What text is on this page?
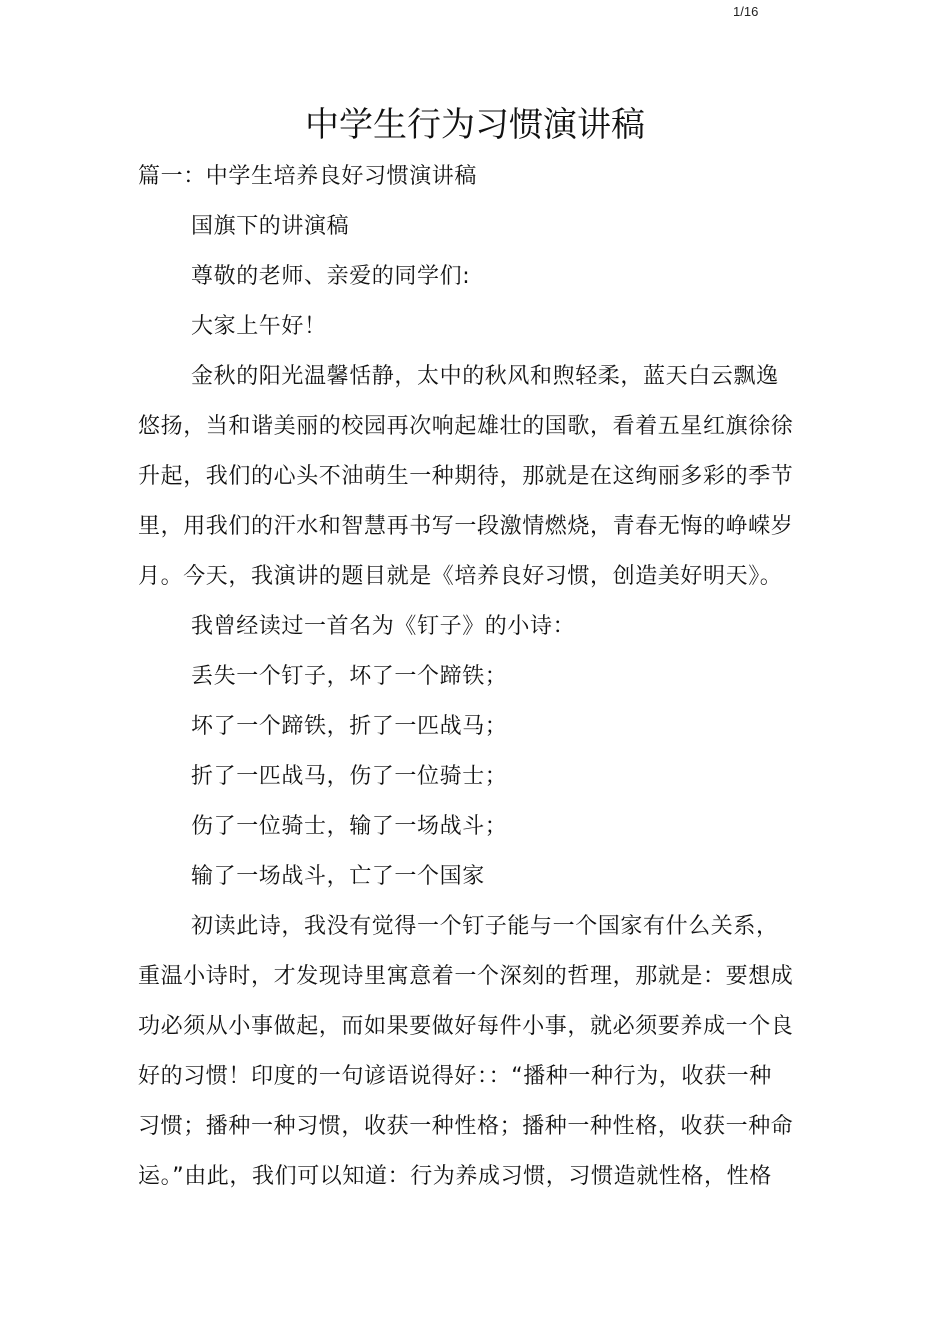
1/16
中学生行为习惯演讲稿
篇一：中学生培养良好习惯演讲稿
国旗下的讲演稿
尊敬的老师、亲爱的同学们:
大家上午好！
金秋的阳光温馨恬静，太中的秋风和煦轻柔，蓝天白云飘逸
悠扬，当和谐美丽的校园再次响起雄壮的国歌，看着五星红旗徐徐
升起，我们的心头不油萌生一种期待，那就是在这绚丽多彩的季节
里，用我们的汗水和智慧再书写一段激情燃烧，青春无悔的峥嵘岁
月。今天，我演讲的题目就是《培养良好习惯，创造美好明天》。
我曾经读过一首名为《钉子》的小诗：
丢失一个钉子，坏了一个蹄铁；
坏了一个蹄铁，折了一匹战马；
折了一匹战马，伤了一位骑士；
伤了一位骑士，输了一场战斗；
输了一场战斗，亡了一个国家
初读此诗，我没有觉得一个钉子能与一个国家有什么关系，
重温小诗时，才发现诗里寓意着一个深刻的哲理，那就是：要想成
功必须从小事做起，而如果要做好每件小事，就必须要养成一个良
好的习惯！印度的一句谚语说得好：：“播种一种行为，收获一种
习惯；播种一种习惯，收获一种性格；播种一种性格，收获一种命
运。”由此，我们可以知道：行为养成习惯，习惯造就性格，性格
